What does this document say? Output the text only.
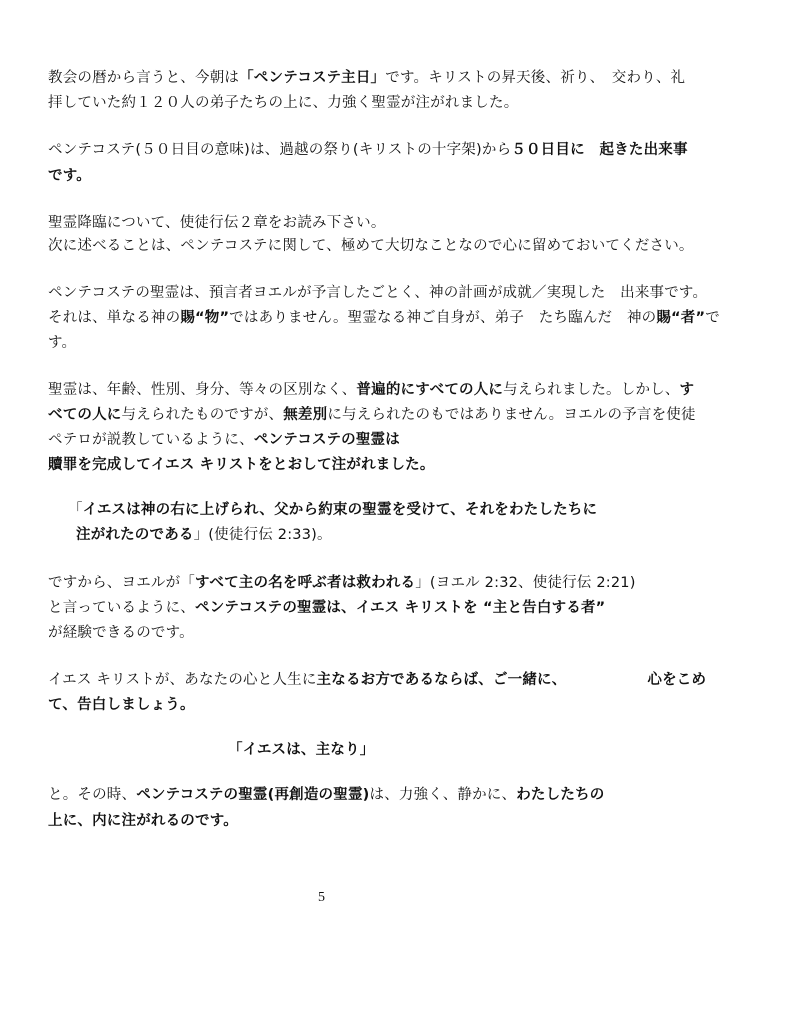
教会の暦から言うと、今朝は「ペンテコステ主日」です。キリストの昇天後、祈り、　交わり、礼
拝していた約１２０人の弟子たちの上に、力強く聖霊が注がれました。
ペンテコステ(５０日目の意味)は、過越の祭り(キリストの十字架)から５０日目に　起きた出来事
です。
聖霊降臨について、使徒行伝２章をお読み下さい。
次に述べることは、ペンテコステに関して、極めて大切なことなので心に留めておいてください。
ペンテコステの聖霊は、預言者ヨエルが予言したごとく、神の計画が成就／実現した　出来事です。
それは、単なる神の賜“物”ではありません。聖霊なる神ご自身が、弟子　たち臨んだ　神の賜“者”で
す。
聖霊は、年齢、性別、身分、等々の区別なく、普遍的にすべての人に与えられました。しかし、す
べての人に与えられたものですが、無差別に与えられたのもではありません。ヨエルの予言を使徒
ペテロが説教しているように、ペンテコステの聖霊は
贖罪を完成してイエス キリストをとおして注がれました。
「イエスは神の右に上げられ、父から約束の聖霊を受けて、それをわたしたちに
注がれたのである」(使徒行伝 2:33)。
ですから、ヨエルが「すべて主の名を呼ぶ者は救われる」(ヨエル 2:32、使徒行伝 2:21)
と言っているように、ペンテコステの聖霊は、イエス キリストを “主と告白する者”
が経験できるのです。
イエス キリストが、あなたの心と人生に主なるお方であるならば、ご一緒に、　　　　　　心をこめ
て、告白しましょう。
「イエスは、主なり」
と。その時、ペンテコステの聖霊(再創造の聖霊)は、力強く、静かに、わたしたちの
上に、内に注がれるのです。
5
